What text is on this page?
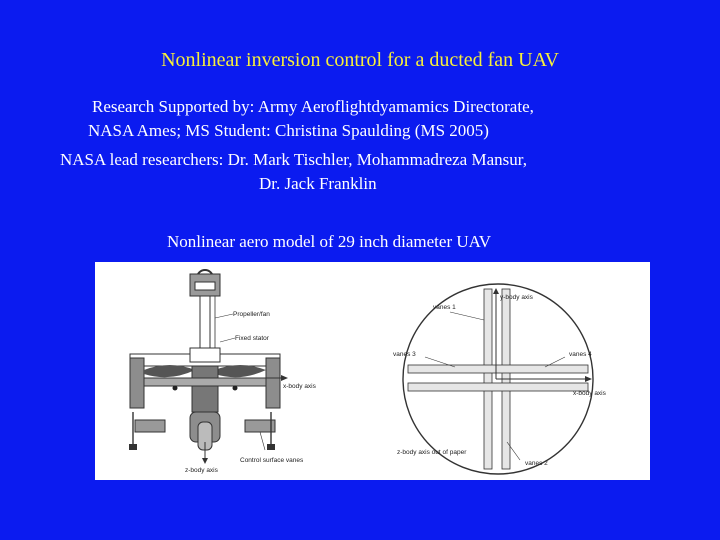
Nonlinear inversion control for a ducted fan UAV
Research Supported by: Army Aeroflightdyamamics Directorate,
NASA Ames; MS Student: Christina Spaulding (MS 2005)
NASA lead researchers: Dr. Mark Tischler, Mohammadreza Mansur,
Dr. Jack Franklin
Nonlinear aero model of 29 inch diameter UAV
Propeller/fan
Fixed stator
x-body axis
z-body axis
Control surface vanes
y-body axis
vanes 1
vanes 3	vanes 4
x-body axis
z-body axis out of paper
vanes 2
